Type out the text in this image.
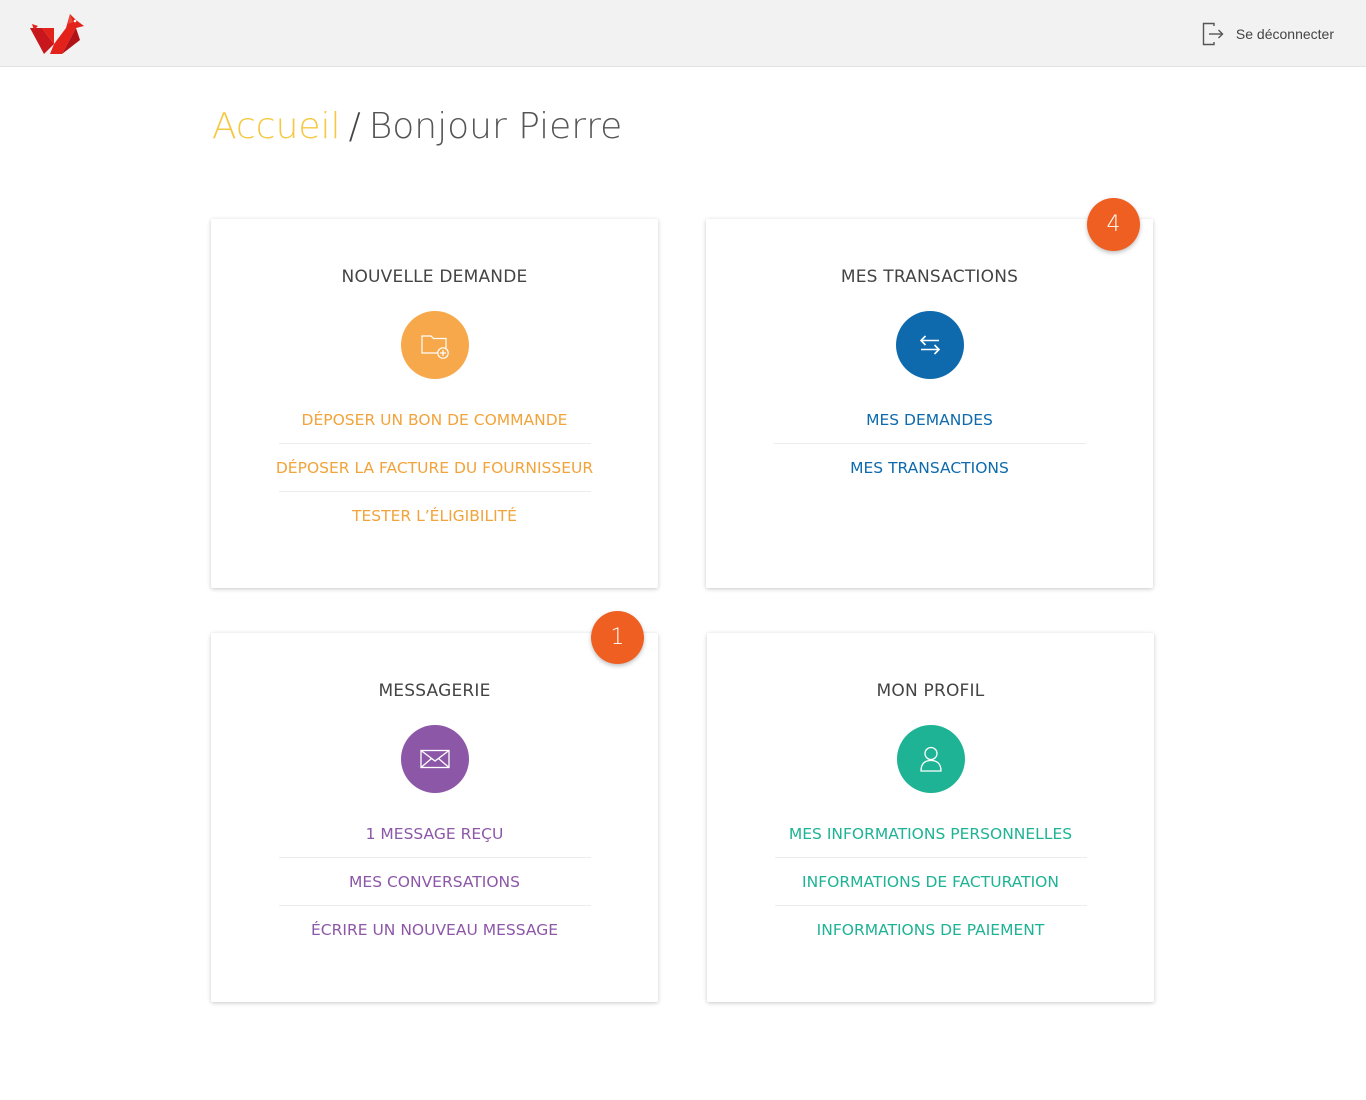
Se déconnecter
Accueil / Bonjour Pierre
NOUVELLE DEMANDE
DÉPOSER UN BON DE COMMANDE
DÉPOSER LA FACTURE DU FOURNISSEUR
TESTER L’ÉLIGIBILITÉ
MES TRANSACTIONS
MES DEMANDES
MES TRANSACTIONS
4
MESSAGERIE
1 MESSAGE REÇU
MES CONVERSATIONS
ÉCRIRE UN NOUVEAU MESSAGE
1
MON PROFIL
MES INFORMATIONS PERSONNELLES
INFORMATIONS DE FACTURATION
INFORMATIONS DE PAIEMENT
